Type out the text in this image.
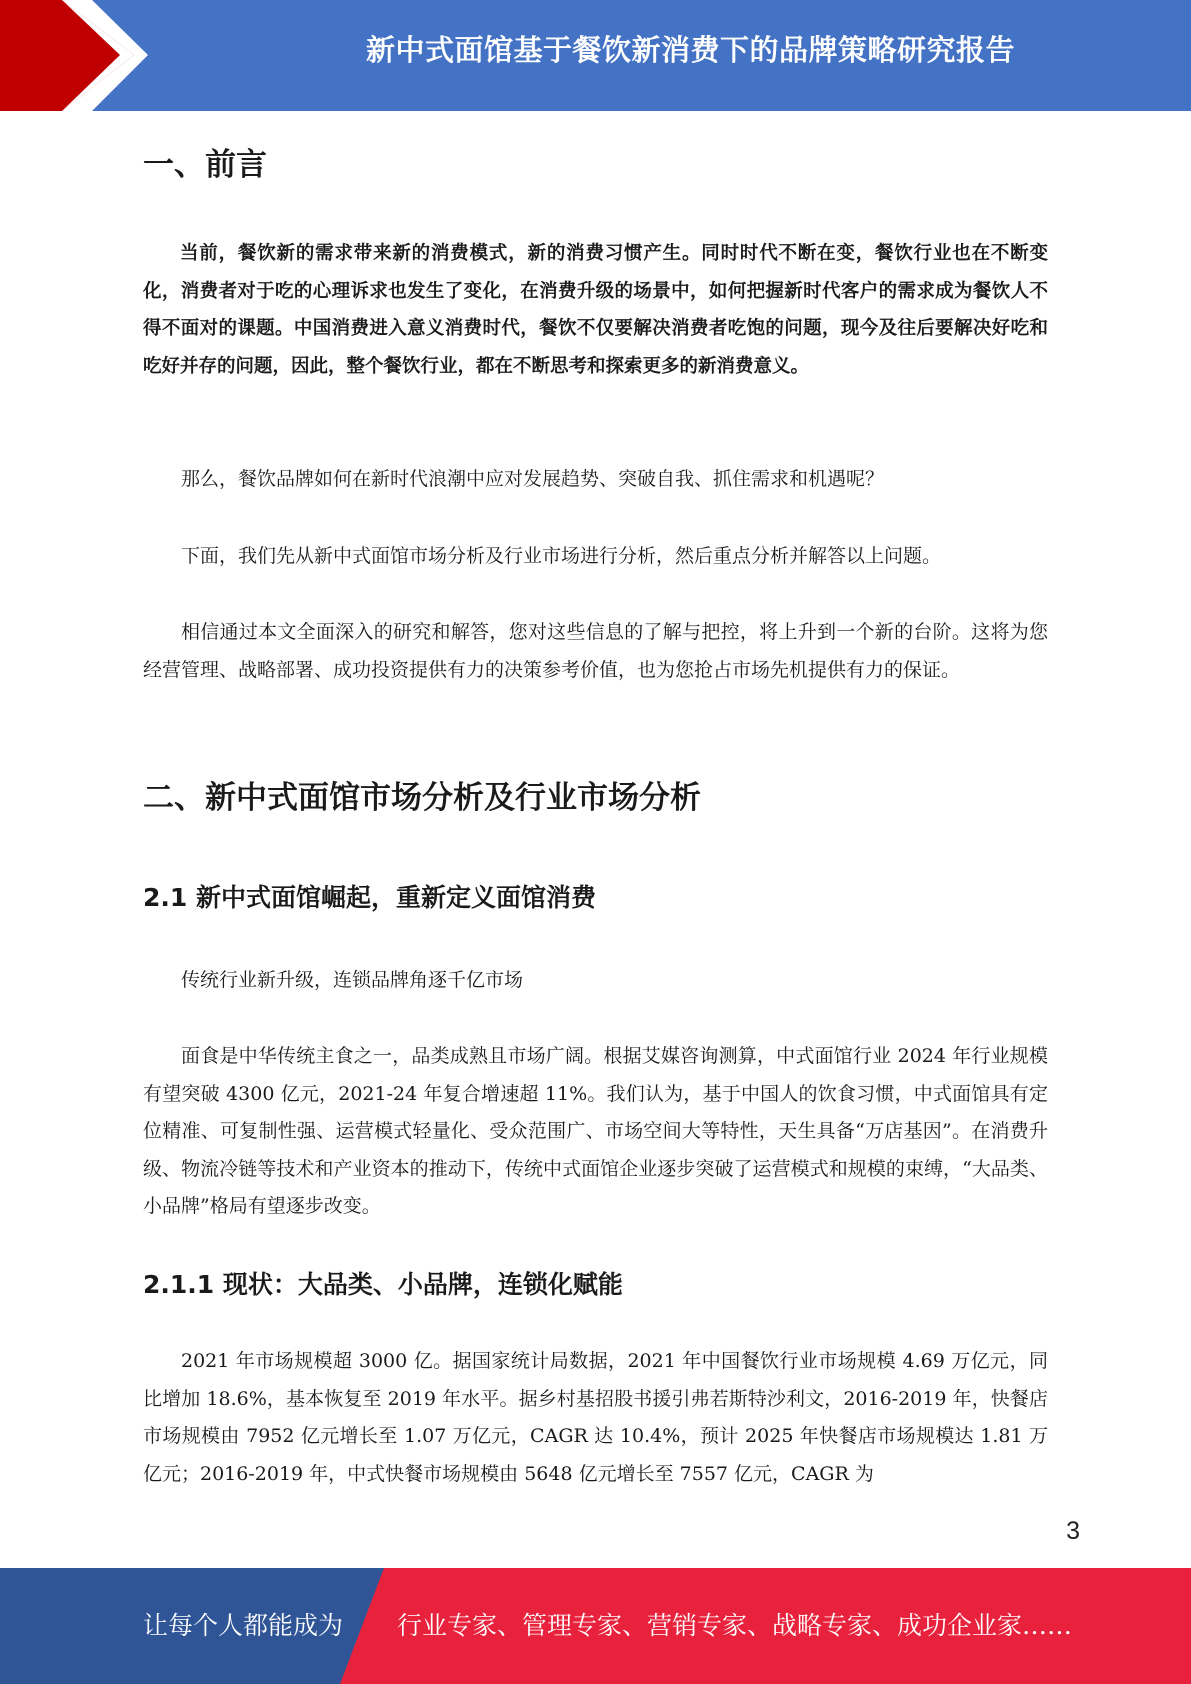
新中式面馆基于餐饮新消费下的品牌策略研究报告
一、前言

当前，餐饮新的需求带来新的消费模式，新的消费习惯产生。同时时代不断在变，餐饮行业也在不断变化，消费者对于吃的心理诉求也发生了变化，在消费升级的场景中，如何把握新时代客户的需求成为餐饮人不得不面对的课题。中国消费进入意义消费时代，餐饮不仅要解决消费者吃饱的问题，现今及往后要解决好吃和吃好并存的问题，因此，整个餐饮行业，都在不断思考和探索更多的新消费意义。

那么，餐饮品牌如何在新时代浪潮中应对发展趋势、突破自我、抓住需求和机遇呢？

下面，我们先从新中式面馆市场分析及行业市场进行分析，然后重点分析并解答以上问题。

相信通过本文全面深入的研究和解答，您对这些信息的了解与把控，将上升到一个新的台阶。这将为您经营管理、战略部署、成功投资提供有力的决策参考价值，也为您抢占市场先机提供有力的保证。

二、新中式面馆市场分析及行业市场分析
2.1 新中式面馆崛起，重新定义面馆消费

传统行业新升级，连锁品牌角逐千亿市场

面食是中华传统主食之一，品类成熟且市场广阔。根据艾媒咨询测算，中式面馆行业 2024 年行业规模有望突破 4300 亿元，2021-24 年复合增速超 11%。我们认为，基于中国人的饮食习惯，中式面馆具有定位精准、可复制性强、运营模式轻量化、受众范围广、市场空间大等特性，天生具备“万店基因”。在消费升级、物流冷链等技术和产业资本的推动下，传统中式面馆企业逐步突破了运营模式和规模的束缚，“大品类、小品牌”格局有望逐步改变。

2.1.1 现状：大品类、小品牌，连锁化赋能

2021 年市场规模超 3000 亿。据国家统计局数据，2021 年中国餐饮行业市场规模 4.69 万亿元，同比增加 18.6%，基本恢复至 2019 年水平。据乡村基招股书援引弗若斯特沙利文，2016-2019 年，快餐店市场规模由 7952 亿元增长至 1.07 万亿元，CAGR 达 10.4%，预计 2025 年快餐店市场规模达 1.81 万亿元；2016-2019 年，中式快餐市场规模由 5648 亿元增长至 7557 亿元，CAGR 为

3
让每个人都能成为 行业专家、管理专家、营销专家、战略专家、成功企业家……
